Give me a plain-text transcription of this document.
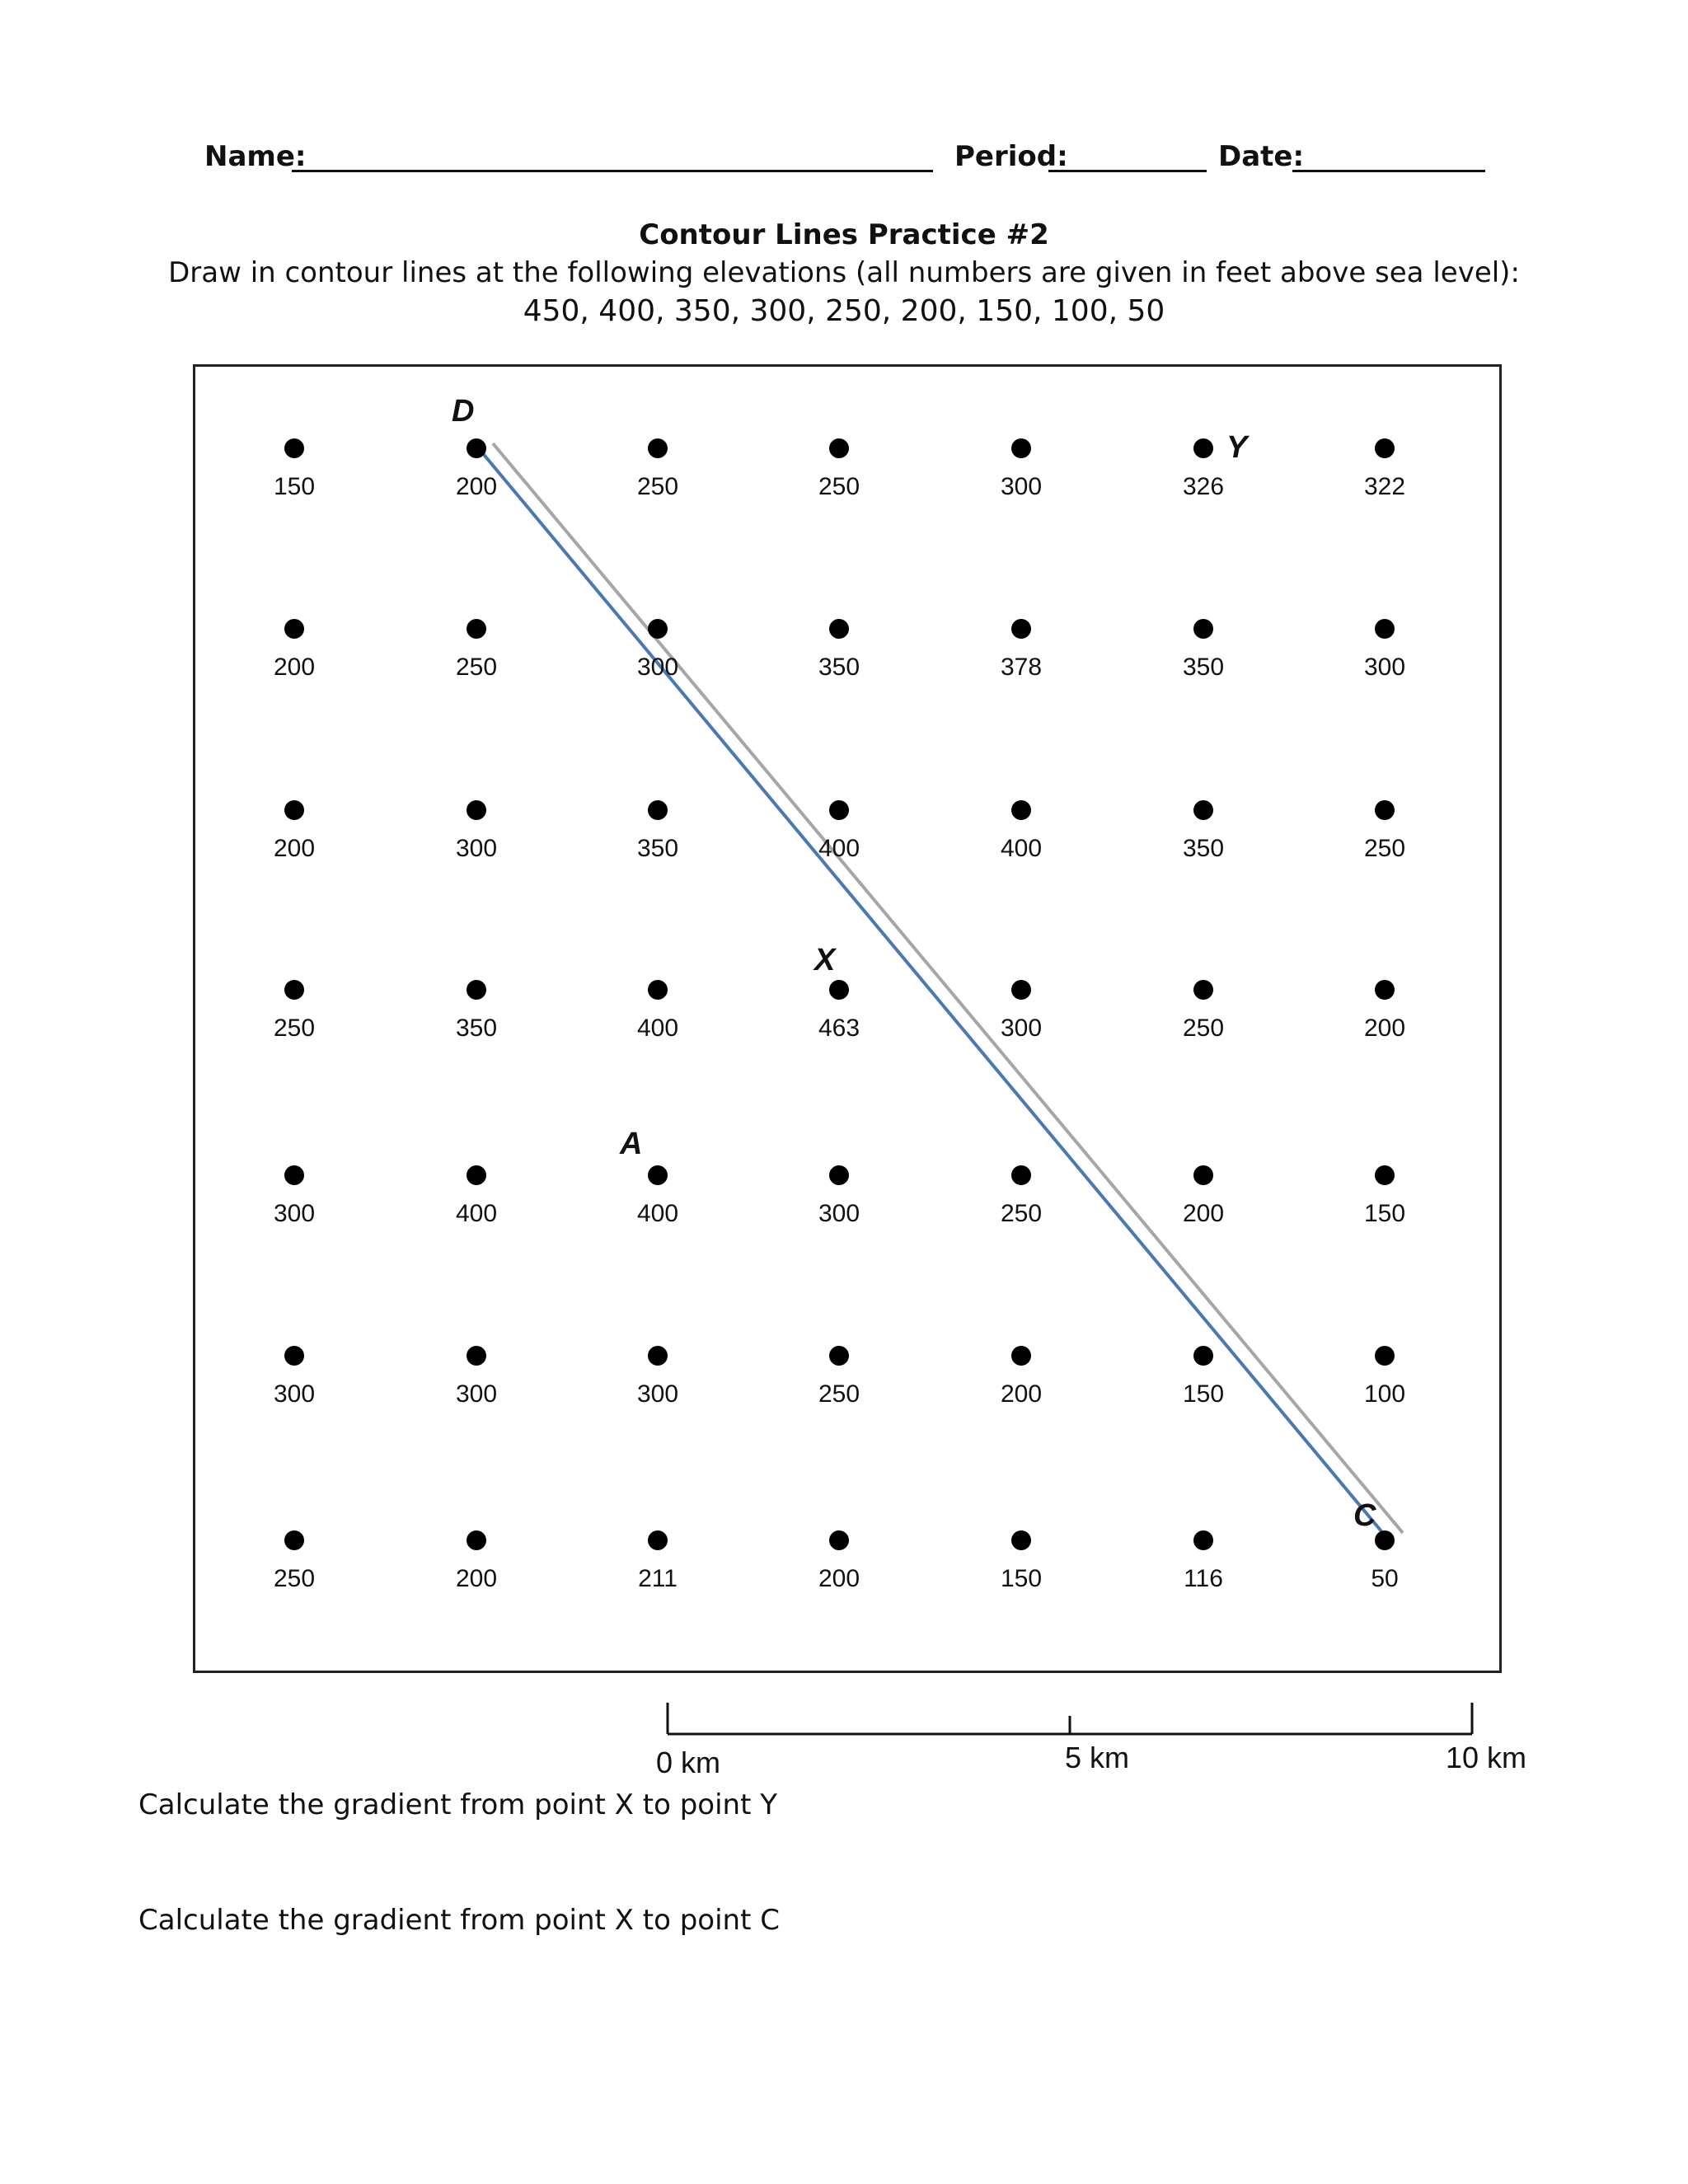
Name:	Period:	Date:
Contour Lines Practice #2
Draw in contour lines at the following elevations (all numbers are given in feet above sea level):
450, 400, 350, 300, 250, 200, 150, 100, 50
150	200	250	250	300	326	322
200	250	300	350	378	350	300
200	300	350	400	400	350	250
250	350	400	463	300	250	200
300	400	400	300	250	200	150
300	300	300	250	200	150	100
250	200	211	200	150	116	50
D
Y
X
A
C
0 km	5 km	10 km
Calculate the gradient from point X to point Y
Calculate the gradient from point X to point C
